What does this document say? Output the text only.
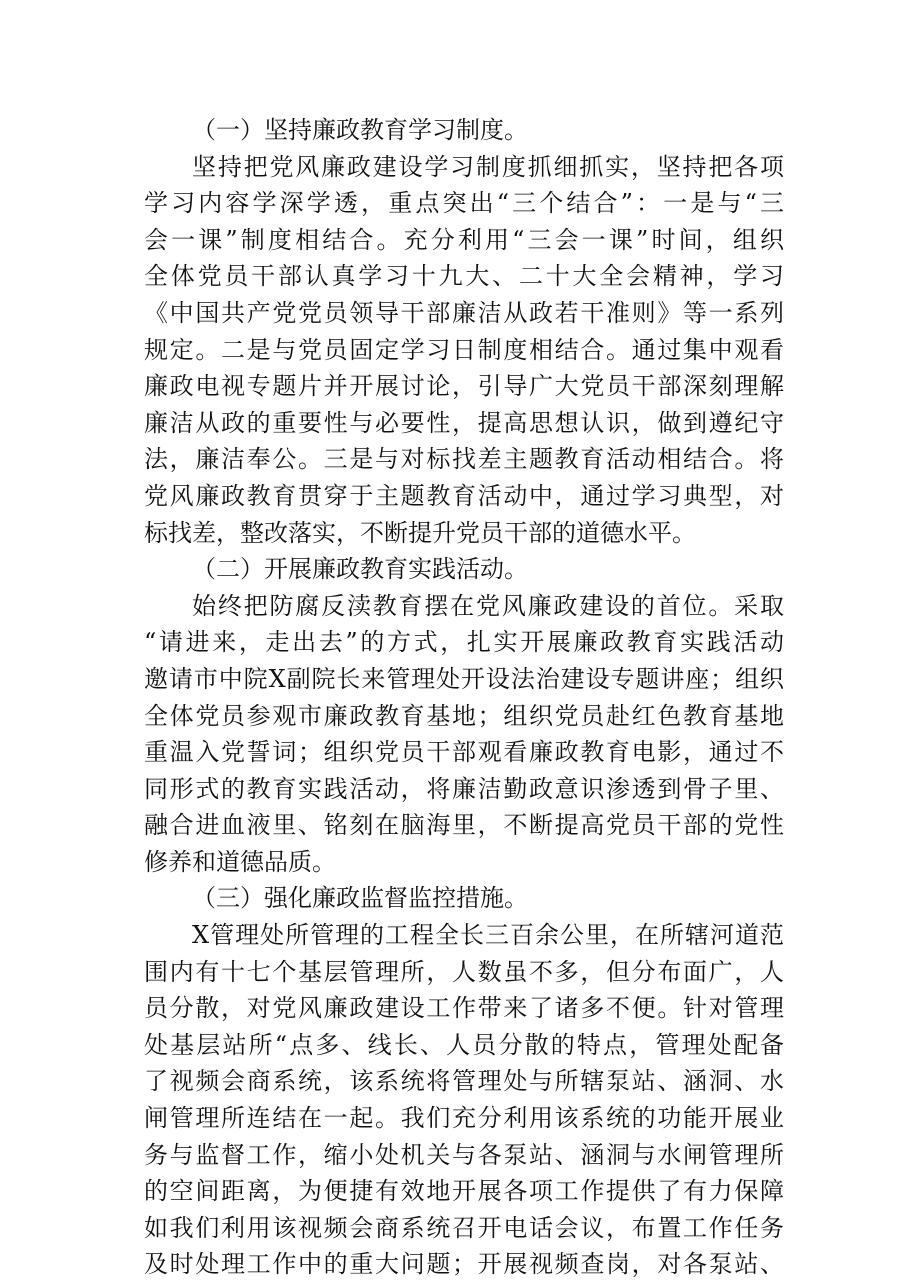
（一）坚持廉政教育学习制度。
坚持把党风廉政建设学习制度抓细抓实，坚持把各项
学习内容学深学透，重点突出“三个结合”：一是与“三
会一课”制度相结合。充分利用“三会一课”时间，组织
全体党员干部认真学习十九大、二十大全会精神，学习
《中国共产党党员领导干部廉洁从政若干准则》等一系列
规定。二是与党员固定学习日制度相结合。通过集中观看
廉政电视专题片并开展讨论，引导广大党员干部深刻理解
廉洁从政的重要性与必要性，提高思想认识，做到遵纪守
法，廉洁奉公。三是与对标找差主题教育活动相结合。将
党风廉政教育贯穿于主题教育活动中，通过学习典型，对
标找差，整改落实，不断提升党员干部的道德水平。
（二）开展廉政教育实践活动。
始终把防腐反渎教育摆在党风廉政建设的首位。采取
“请进来，走出去”的方式，扎实开展廉政教育实践活动
邀请市中院X副院长来管理处开设法治建设专题讲座；组织
全体党员参观市廉政教育基地；组织党员赴红色教育基地
重温入党誓词；组织党员干部观看廉政教育电影，通过不
同形式的教育实践活动，将廉洁勤政意识渗透到骨子里、
融合进血液里、铭刻在脑海里，不断提高党员干部的党性
修养和道德品质。
（三）强化廉政监督监控措施。
X管理处所管理的工程全长三百余公里，在所辖河道范
围内有十七个基层管理所，人数虽不多，但分布面广，人
员分散，对党风廉政建设工作带来了诸多不便。针对管理
处基层站所“点多、线长、人员分散的特点，管理处配备
了视频会商系统，该系统将管理处与所辖泵站、涵洞、水
闸管理所连结在一起。我们充分利用该系统的功能开展业
务与监督工作，缩小处机关与各泵站、涵洞与水闸管理所
的空间距离，为便捷有效地开展各项工作提供了有力保障
如我们利用该视频会商系统召开电话会议，布置工作任务
及时处理工作中的重大问题；开展视频查岗，对各泵站、
